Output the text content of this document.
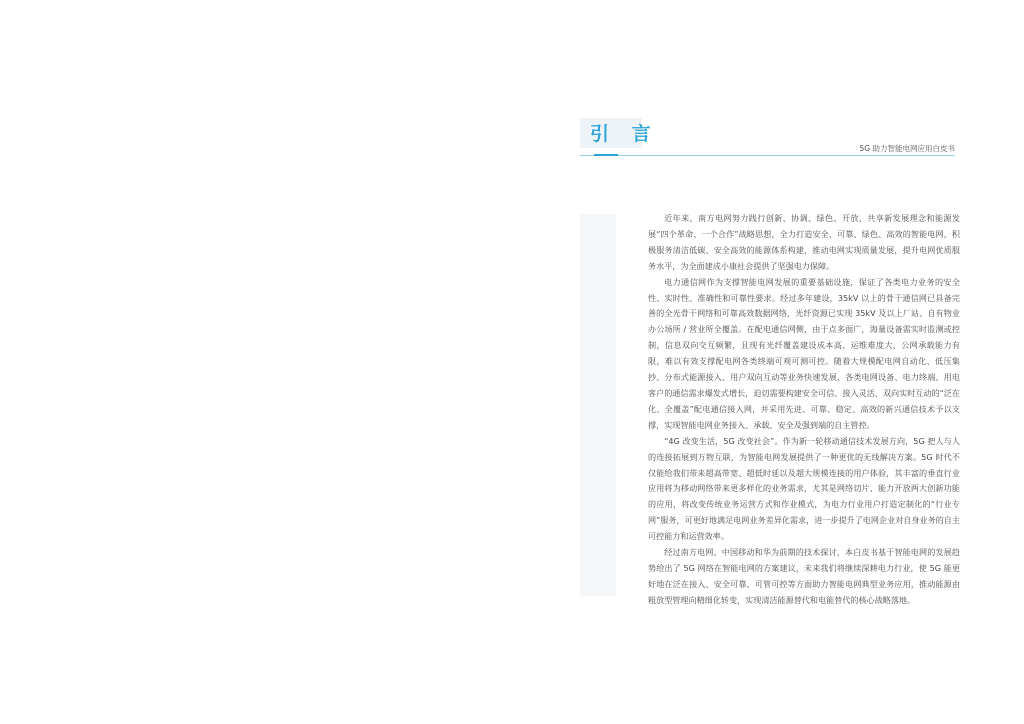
引 言
5G 助力智能电网应用白皮书

近年来，南方电网努力践行创新、协调、绿色、开放、共享新发展理念和能源发展“四个革命、一个合作”战略思想，全力打造安全、可靠、绿色、高效的智能电网，积极服务清洁低碳、安全高效的能源体系构建，推动电网实现质量发展，提升电网优质服务水平，为全面建成小康社会提供了坚强电力保障。

电力通信网作为支撑智能电网发展的重要基础设施，保证了各类电力业务的安全性、实时性、准确性和可靠性要求。经过多年建设，35kV 以上的骨干通信网已具备完善的全光骨干网络和可靠高效数据网络，光纤资源已实现 35kV 及以上厂站、自有物业办公场所 / 营业所全覆盖。在配电通信网侧，由于点多面广，海量设备需实时监测或控制，信息双向交互频繁，且现有光纤覆盖建设成本高、运维难度大，公网承载能力有限，难以有效支撑配电网各类终端可观可测可控。随着大规模配电网自动化、低压集抄、分布式能源接入、用户双向互动等业务快速发展，各类电网设备、电力终端、用电客户的通信需求爆发式增长，迫切需要构建安全可信、接入灵活、双向实时互动的“泛在化、全覆盖”配电通信接入网，并采用先进、可靠、稳定、高效的新兴通信技术予以支撑，实现智能电网业务接入、承载、安全及强到端的自主管控。

“4G 改变生活，5G 改变社会”。作为新一轮移动通信技术发展方向，5G 把人与人的连接拓展到万物互联，为智能电网发展提供了一种更优的无线解决方案。5G 时代不仅能给我们带来超高带宽、超低时延以及超大规模连接的用户体验，其丰富的垂直行业应用将为移动网络带来更多样化的业务需求，尤其是网络切片、能力开放两大创新功能的应用，将改变传统业务运营方式和作业模式，为电力行业用户打造定制化的“行业专网”服务，可更好地满足电网业务差异化需求，进一步提升了电网企业对自身业务的自主可控能力和运营效率。

经过南方电网、中国移动和华为前期的技术探讨，本白皮书基于智能电网的发展趋势给出了 5G 网络在智能电网的方案建议，未来我们将继续深耕电力行业，使 5G 能更好地在泛在接入、安全可靠、可管可控等方面助力智能电网典型业务应用，推动能源由粗放型管理向精细化转变，实现清洁能源替代和电能替代的核心战略落地。
